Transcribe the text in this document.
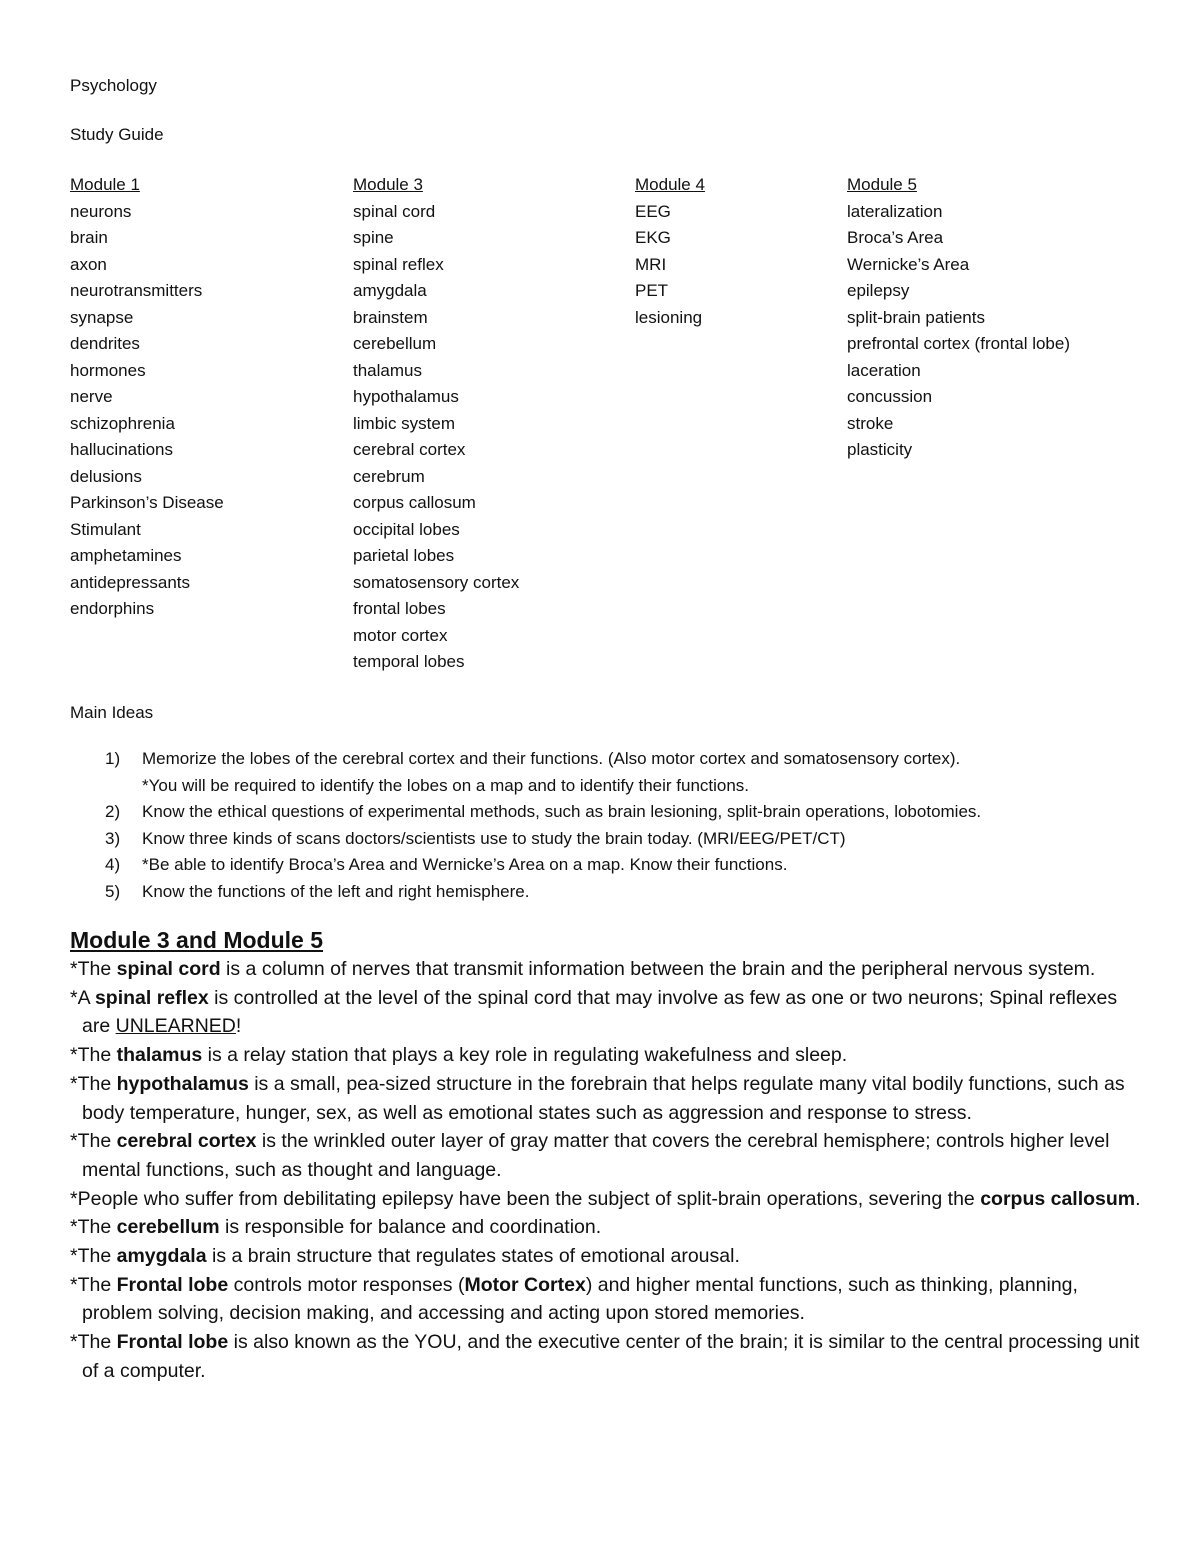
Psychology
Study Guide
Module 1
neurons
brain
axon
neurotransmitters
synapse
dendrites
hormones
nerve
schizophrenia
hallucinations
delusions
Parkinson’s Disease
Stimulant
amphetamines
antidepressants
endorphins
Module 3
spinal cord
spine
spinal reflex
amygdala
brainstem
cerebellum
thalamus
hypothalamus
limbic system
cerebral cortex
cerebrum
corpus callosum
occipital lobes
parietal lobes
somatosensory cortex
frontal lobes
motor cortex
temporal lobes
Module 4
EEG
EKG
MRI
PET
lesioning
Module 5
lateralization
Broca’s Area
Wernicke’s Area
epilepsy
split-brain patients
prefrontal cortex (frontal lobe)
laceration
concussion
stroke
plasticity
Main Ideas
1) Memorize the lobes of the cerebral cortex and their functions. (Also motor cortex and somatosensory cortex).
*You will be required to identify the lobes on a map and to identify their functions.
2) Know the ethical questions of experimental methods, such as brain lesioning, split-brain operations, lobotomies.
3) Know three kinds of scans doctors/scientists use to study the brain today. (MRI/EEG/PET/CT)
4) *Be able to identify Broca’s Area and Wernicke’s Area on a map. Know their functions.
5) Know the functions of the left and right hemisphere.
Module 3 and Module 5
*The spinal cord is a column of nerves that transmit information between the brain and the peripheral nervous system.
*A spinal reflex is controlled at the level of the spinal cord that may involve as few as one or two neurons; Spinal reflexes are UNLEARNED!
*The thalamus is a relay station that plays a key role in regulating wakefulness and sleep.
*The hypothalamus is a small, pea-sized structure in the forebrain that helps regulate many vital bodily functions, such as body temperature, hunger, sex, as well as emotional states such as aggression and response to stress.
*The cerebral cortex is the wrinkled outer layer of gray matter that covers the cerebral hemisphere; controls higher level mental functions, such as thought and language.
*People who suffer from debilitating epilepsy have been the subject of split-brain operations, severing the corpus callosum.
*The cerebellum is responsible for balance and coordination.
*The amygdala is a brain structure that regulates states of emotional arousal.
*The Frontal lobe controls motor responses (Motor Cortex) and higher mental functions, such as thinking, planning, problem solving, decision making, and accessing and acting upon stored memories.
*The Frontal lobe is also known as the YOU, and the executive center of the brain; it is similar to the central processing unit of a computer.
